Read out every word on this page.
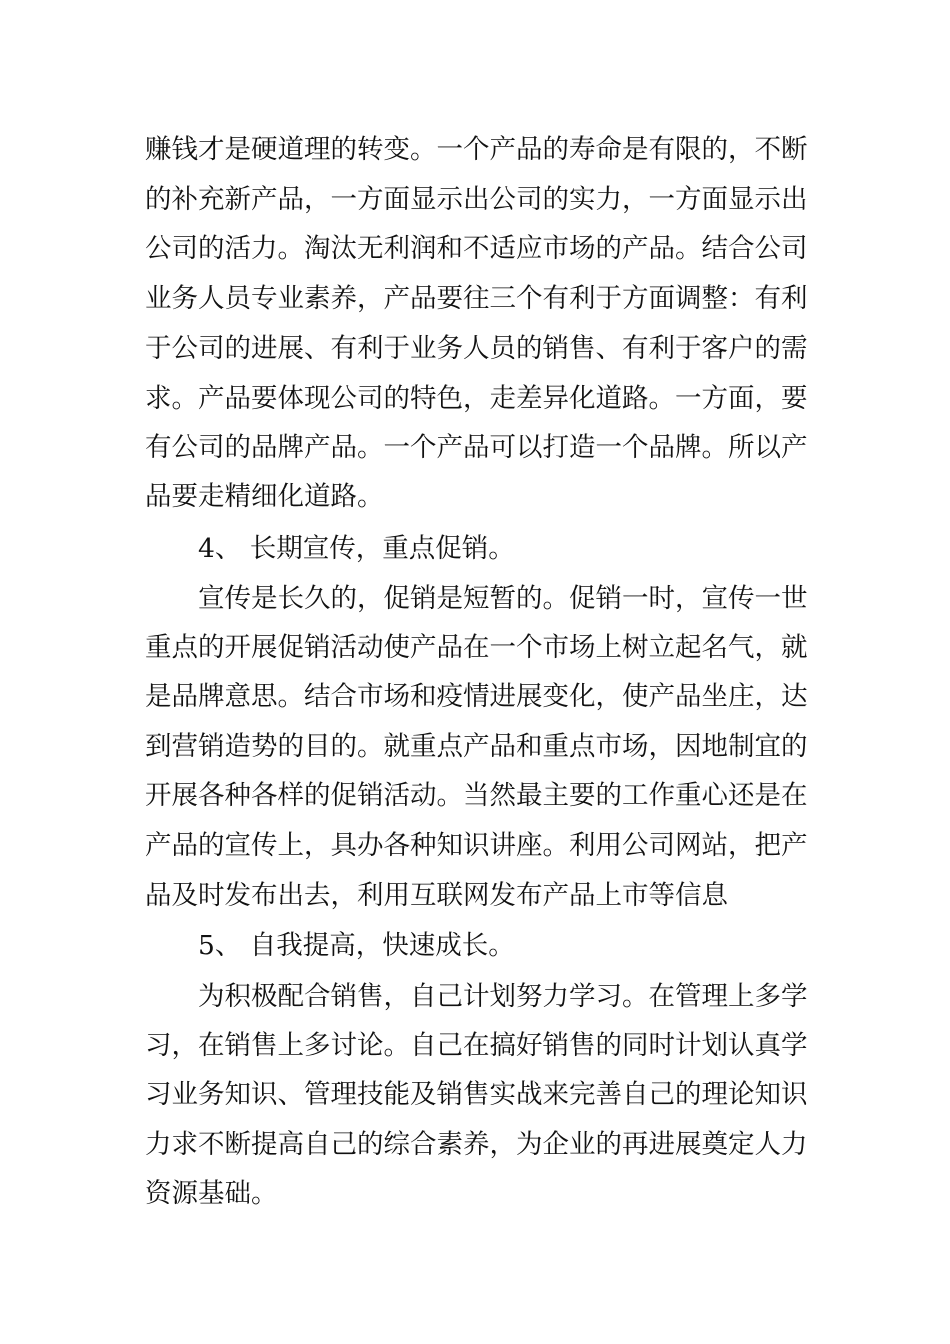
赚钱才是硬道理的转变。一个产品的寿命是有限的，不断
的补充新产品，一方面显示出公司的实力，一方面显示出
公司的活力。淘汰无利润和不适应市场的产品。结合公司
业务人员专业素养，产品要往三个有利于方面调整：有利
于公司的进展、有利于业务人员的销售、有利于客户的需
求。产品要体现公司的特色，走差异化道路。一方面，要
有公司的品牌产品。一个产品可以打造一个品牌。所以产
品要走精细化道路。
4、 长期宣传，重点促销。
宣传是长久的，促销是短暂的。促销一时，宣传一世
重点的开展促销活动使产品在一个市场上树立起名气，就
是品牌意思。结合市场和疫情进展变化，使产品坐庄，达
到营销造势的目的。就重点产品和重点市场，因地制宜的
开展各种各样的促销活动。当然最主要的工作重心还是在
产品的宣传上，具办各种知识讲座。利用公司网站，把产
品及时发布出去，利用互联网发布产品上市等信息
5、 自我提高，快速成长。
为积极配合销售，自己计划努力学习。在管理上多学
习，在销售上多讨论。自己在搞好销售的同时计划认真学
习业务知识、管理技能及销售实战来完善自己的理论知识
力求不断提高自己的综合素养，为企业的再进展奠定人力
资源基础。
